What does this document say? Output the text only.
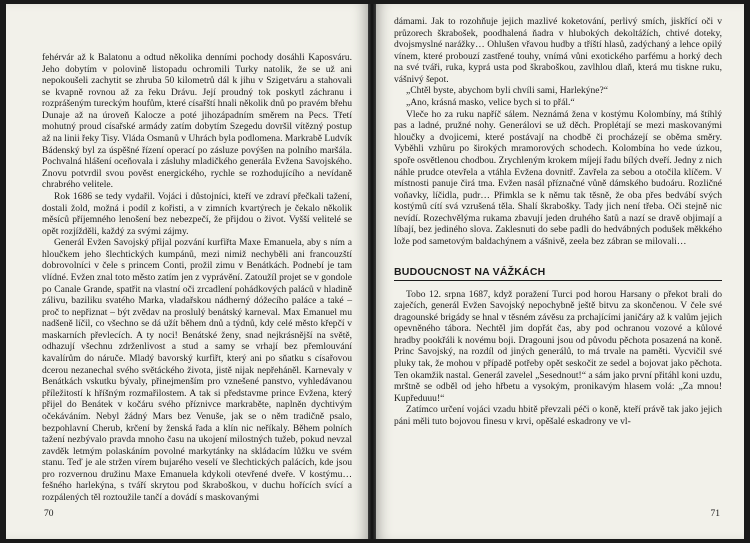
fehérvár až k Balatonu a odtud několika denními pochody dosáhli Kaposváru. Jeho dobytím v polovině listopadu ochromili Turky natolik, že se už ani nepokoušeli zachytit se zhruba 50 kilometrů dál k jihu v Szigetváru a stahovali se kvapně rovnou až za řeku Drávu. Její proudný tok poskytl záchranu i rozprášeným tureckým houfům, které císařští hnali několik dnů po pravém břehu Dunaje až na úroveň Kalocze a poté jihozápadním směrem na Pecs. Třetí mohutný proud císařské armády zatím dobytím Szegedu dovršil vítězný postup až na linii řeky Tisy. Vláda Osmanů v Uhrách byla podlomena. Markrabě Ludvík Bádenský byl za úspěšné řízení operací po zásluze povýšen na polního maršála. Pochvalná hlášení oceňovala i zásluhy mladičkého generála Evžena Savojského. Znovu potvrdil svou pověst energického, rychle se rozhodujícího a nevídaně chrabrého velitele.

Rok 1686 se tedy vydařil. Vojáci i důstojníci, kteří ve zdraví přečkali tažení, dostali žold, možná i podíl z kořisti, a v zimních kvartýrech je čekalo několik měsíců příjemného lenošení bez nebezpečí, že přijdou o život. Vyšší velitelé se opět rozjížděli, každý za svými zájmy.

Generál Evžen Savojský přijal pozvání kurfiřta Maxe Emanuela, aby s ním a hloučkem jeho šlechtických kumpánů, mezi nimiž nechyběli ani francouzští dobrovolníci v čele s princem Conti, prožil zimu v Benátkách. Podnebí je tam vlídné. Evžen znal toto město zatím jen z vyprávění. Zatoužíl projet se v gondole po Canale Grande, spatřit na vlastní oči zrcadlení pohádkových paláců v hladině zálivu, baziliku svatého Marka, vladařskou nádherný dóžecího paláce a také – proč to nepřiznat – být zvědav na proslulý benátský karneval. Max Emanuel mu nadšeně líčil, co všechno se dá užít během dnů a týdnů, kdy celé město křepčí v maskarních převlecích. A ty noci! Benátské ženy, snad nejkrásnější na světě, odhazují všechnu zdrženlivost a stud a samy se vrhají bez přemlouvání kavalírům do náruče. Mladý bavorský kurfiřt, který ani po sňatku s císařovou dcerou nezanechal svého světáckého života, jistě nijak nepřeháněl. Karnevaly v Benátkách vskutku bývaly, přinejmenším pro vznešené panstvo, vyhledávanou příležitostí k hříšným rozmařilostem. A tak si představme prince Evžena, který přijel do Benátek v kočáru svého příznivce markraběte, naplněn dychtivým očekáváním. Nebyl žádný Mars bez Venuše, jak se o něm tradičně psalo, bezpohlavní Cherub, krčení by ženská řada a klín nic neříkaly. Během polních tažení nezbývalo pravda mnoho času na ukojení milostných tužeb, pokud nevzal zavděk letmým polaskáním povolné markytánky na skládacím lůžku ve svém stanu. Teď je ale stržen vírem bujarého veselí ve šlechtických palácích, kde jsou pro rozvernou družinu Maxe Emanuela kdykoli otevřené dveře. V kostýmu… fešného harlekýna, s tváří skrytou pod škraboškou, v duchu hořících svící a rozpálených těl roztoužile tančí a dovádí s maskovanými

70

dámami. Jak to rozohňuje jejich mazlivé koketování, perlivý smích, jiskřící oči v průzorech škrabošek, poodhalená ňadra v hlubokých dekoltážích, chtivé doteky, dvojsmyslné narážky… Ohlušen vřavou hudby a tříští hlasů, zadýchaný a lehce opilý vínem, které probouzí zastřené touhy, vnímá vůni exotického parfému a horký dech na své tváři, ruka, kyprá usta pod škraboškou, zavlhlou dlaň, která mu tiskne ruku, vášnivý šepot.

„Chtěl byste, abychom byli chvíli sami, Harlekýne?“

„Ano, krásná masko, velice bych si to přál.“

Vleče ho za ruku napříč sálem. Neznámá žena v kostýmu Kolombíny, má štíhlý pas a ladné, pružné nohy. Generálovi se už děch. Proplétají se mezi maskovanými hloučky a dvojicemi, které postávají na chodbě či procházejí se oběma směry. Vyběhli vzhůru po širokých mramorových schodech. Kolombína ho vede úzkou, spoře osvětlenou chodbou. Zrychleným krokem míjejí řadu bílých dveří. Jedny z nich náhle prudce otevřela a vtáhla Evžena dovnitř. Zavřela za sebou a otočila klíčem. V místnosti panuje čirá tma. Evžen nasál příznačné vůně dámského budoáru. Rozličné voňavky, líčidla, pudr… Přimkla se k němu tak těsně, že oba přes bedvábí svých kostýmů cítí svá vzrušená těla. Shalí škrabošky. Tady jich není třeba. Oči stejně nic nevídí. Rozechvělýma rukama zbavují jeden druhého šatů a nazí se dravě objimají a líbají, bez jediného slova. Zaklesnuti do sebe padli do hedvábných podušek měkkého lože pod sametovým baldachýnem a vášnivě, zeela bez zábran se milovali…

BUDOUCNOST NA VÁŽKÁCH

Tobo 12. srpna 1687, když poražení Turci pod horou Harsany o překot brali do zaječích, generál Evžen Savojský nepochybně ještě bitvu za skončenou. V čele své dragounské brigády se hnal v těsném závěsu za prchajícími janičáry až k valům jejich opevněného tábora. Nechtěl jim dopřát čas, aby pod ochranou vozové a kůlové hradby pookřáli k novému boji. Dragouni jsou od původu pěchota posazená na koně. Princ Savojský, na rozdíl od jiných generálů, to má trvale na paměti. Vycvičil své pluky tak, že mohou v případě potřeby opět seskočit ze sedel a bojovat jako pěchota. Ten okamžik nastal. Generál zavelel „Sesednout!“ a sám jako první přitáhl koni uzdu, mrštně se odběl od jeho hřbetu a vysokým, pronikavým hlasem volá: „Za mnou! Kupředuuu!“

Zatímco určení vojáci vzadu hbitě převzali péči o koně, kteří právě tak jako jejich páni měli tuto bojovou finesu v krvi, opěšalé eskadrony ve vl-

71
